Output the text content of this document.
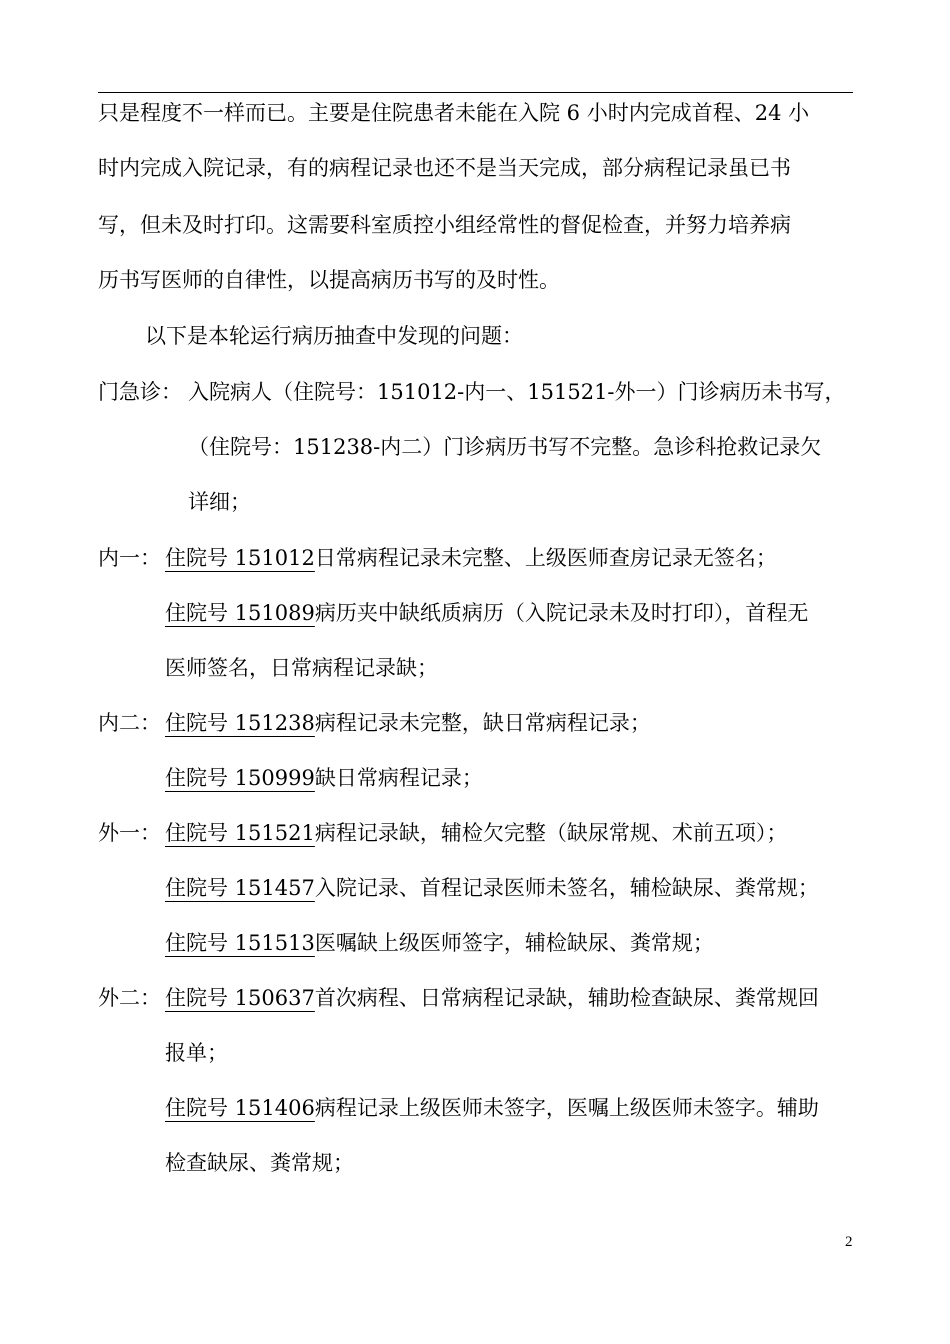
只是程度不一样而已。主要是住院患者未能在入院 6 小时内完成首程、24 小
时内完成入院记录，有的病程记录也还不是当天完成，部分病程记录虽已书
写，但未及时打印。这需要科室质控小组经常性的督促检查，并努力培养病
历书写医师的自律性，以提高病历书写的及时性。
以下是本轮运行病历抽查中发现的问题：
门急诊： 入院病人（住院号：151012-内一、151521-外一）门诊病历未书写，
（住院号：151238-内二）门诊病历书写不完整。急诊科抢救记录欠
详细；
内一： 住院号 151012日常病程记录未完整、上级医师查房记录无签名；
住院号 151089病历夹中缺纸质病历（入院记录未及时打印），首程无
医师签名，日常病程记录缺；
内二： 住院号 151238病程记录未完整，缺日常病程记录；
住院号 150999缺日常病程记录；
外一： 住院号 151521病程记录缺，辅检欠完整（缺尿常规、术前五项）；
住院号 151457入院记录、首程记录医师未签名，辅检缺尿、粪常规；
住院号 151513医嘱缺上级医师签字，辅检缺尿、粪常规；
外二： 住院号 150637首次病程、日常病程记录缺，辅助检查缺尿、粪常规回
报单；
住院号 151406病程记录上级医师未签字，医嘱上级医师未签字。辅助
检查缺尿、粪常规；
2
